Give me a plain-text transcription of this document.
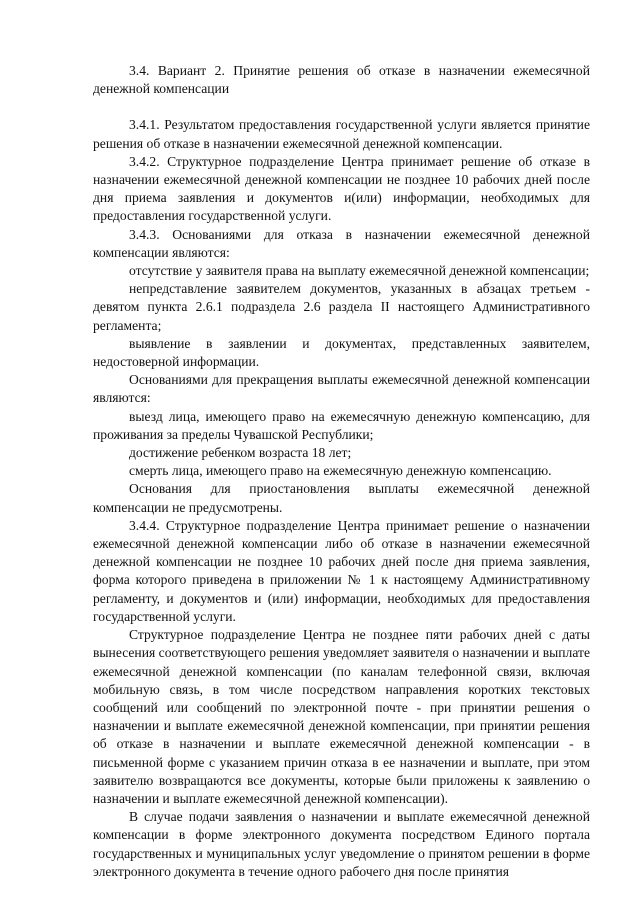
3.4. Вариант 2. Принятие решения об отказе в назначении ежемесячной денежной компенсации

3.4.1. Результатом предоставления государственной услуги является принятие решения об отказе в назначении ежемесячной денежной компенсации.

3.4.2. Структурное подразделение Центра принимает решение об отказе в назначении ежемесячной денежной компенсации не позднее 10 рабочих дней после дня приема заявления и документов и(или) информации, необходимых для предоставления государственной услуги.

3.4.3. Основаниями для отказа в назначении ежемесячной денежной компенсации являются:

отсутствие у заявителя права на выплату ежемесячной денежной компенсации;

непредставление заявителем документов, указанных в абзацах третьем - девятом пункта 2.6.1 подраздела 2.6 раздела II настоящего Административного регламента;

выявление в заявлении и документах, представленных заявителем, недостоверной информации.

Основаниями для прекращения выплаты ежемесячной денежной компенсации являются:

выезд лица, имеющего право на ежемесячную денежную компенсацию, для проживания за пределы Чувашской Республики;

достижение ребенком возраста 18 лет;

смерть лица, имеющего право на ежемесячную денежную компенсацию.

Основания для приостановления выплаты ежемесячной денежной компенсации не предусмотрены.

3.4.4. Структурное подразделение Центра принимает решение о назначении ежемесячной денежной компенсации либо об отказе в назначении ежемесячной денежной компенсации не позднее 10 рабочих дней после дня приема заявления, форма которого приведена в приложении № 1 к настоящему Административному регламенту, и документов и (или) информации, необходимых для предоставления государственной услуги.

Структурное подразделение Центра не позднее пяти рабочих дней с даты вынесения соответствующего решения уведомляет заявителя о назначении и выплате ежемесячной денежной компенсации (по каналам телефонной связи, включая мобильную связь, в том числе посредством направления коротких текстовых сообщений или сообщений по электронной почте - при принятии решения о назначении и выплате ежемесячной денежной компенсации, при принятии решения об отказе в назначении и выплате ежемесячной денежной компенсации - в письменной форме с указанием причин отказа в ее назначении и выплате, при этом заявителю возвращаются все документы, которые были приложены к заявлению о назначении и выплате ежемесячной денежной компенсации).

В случае подачи заявления о назначении и выплате ежемесячной денежной компенсации в форме электронного документа посредством Единого портала государственных и муниципальных услуг уведомление о принятом решении в форме электронного документа в течение одного рабочего дня после принятия
